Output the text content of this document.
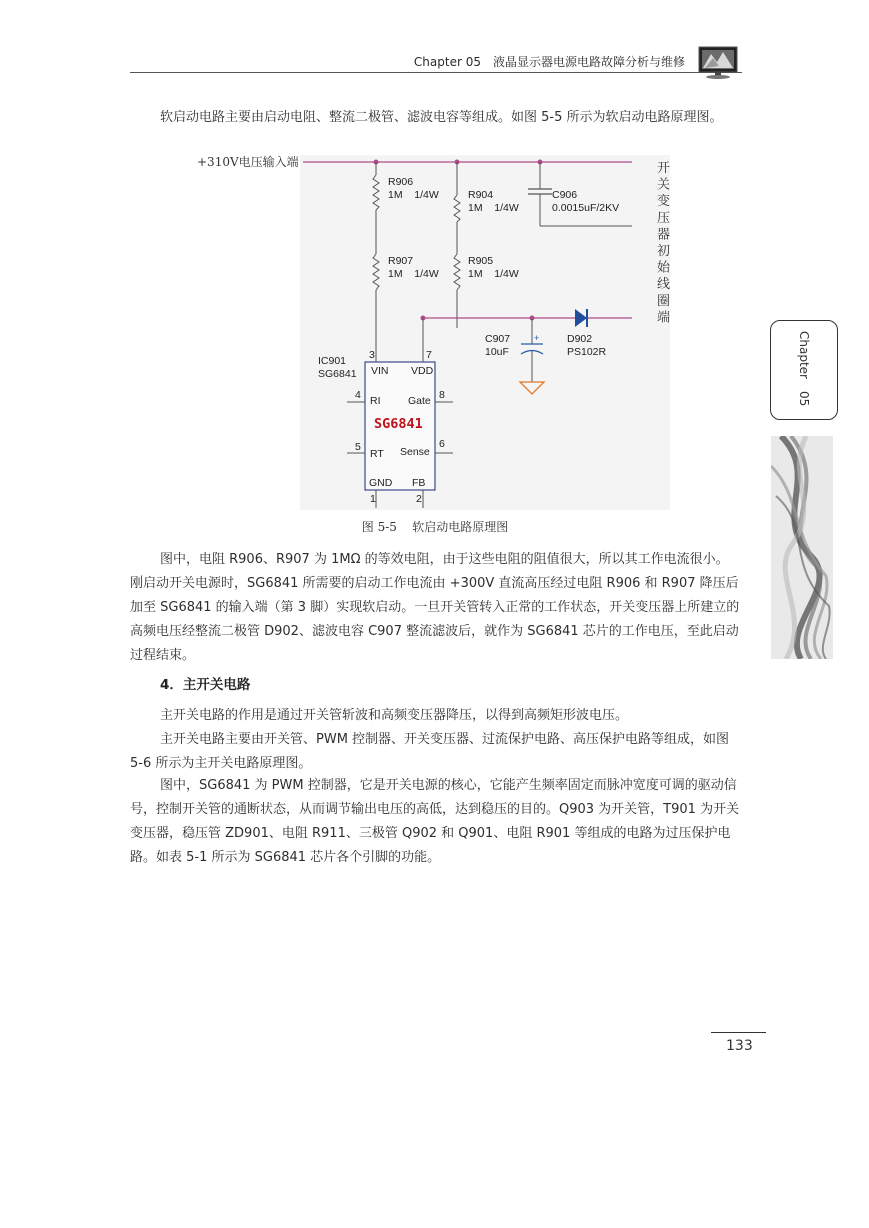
Chapter 05 液晶显示器电源电路故障分析与维修

软启动电路主要由启动电阻、整流二极管、滤波电容等组成。如图 5-5 所示为软启动电路原理图。

+310V电压输入端
R906
1M    1/4W
R907
1M    1/4W
R904
1M    1/4W
R905
1M    1/4W
C906
0.0015uF/2KV
开关变压器初始线圈端
D902
PS102R
+
C907
10uF
IC901
SG6841
SG6841
3
VIN
7
VDD
4 RI	8
Gate
5
RT
6
Sense
GND FB
1	2
图 5-5    软启动电路原理图

图中，电阻 R906、R907 为 1MΩ 的等效电阻，由于这些电阻的阻值很大，所以其工作电流很小。刚启动开关电源时，SG6841 所需要的启动工作电流由 +300V 直流高压经过电阻 R906 和 R907 降压后加至 SG6841 的输入端（第 3 脚）实现软启动。一旦开关管转入正常的工作状态，开关变压器上所建立的高频电压经整流二极管 D902、滤波电容 C907 整流滤波后，就作为 SG6841 芯片的工作电压，至此启动过程结束。

4．主开关电路

主开关电路的作用是通过开关管斩波和高频变压器降压，以得到高频矩形波电压。

主开关电路主要由开关管、PWM 控制器、开关变压器、过流保护电路、高压保护电路等组成，如图 5-6 所示为主开关电路原理图。

图中，SG6841 为 PWM 控制器，它是开关电源的核心，它能产生频率固定而脉冲宽度可调的驱动信号，控制开关管的通断状态，从而调节输出电压的高低，达到稳压的目的。Q903 为开关管，T901 为开关变压器，稳压管 ZD901、电阻 R911、三极管 Q902 和 Q901、电阻 R901 等组成的电路为过压保护电路。如表 5-1 所示为 SG6841 芯片各个引脚的功能。

Chapter05
133
